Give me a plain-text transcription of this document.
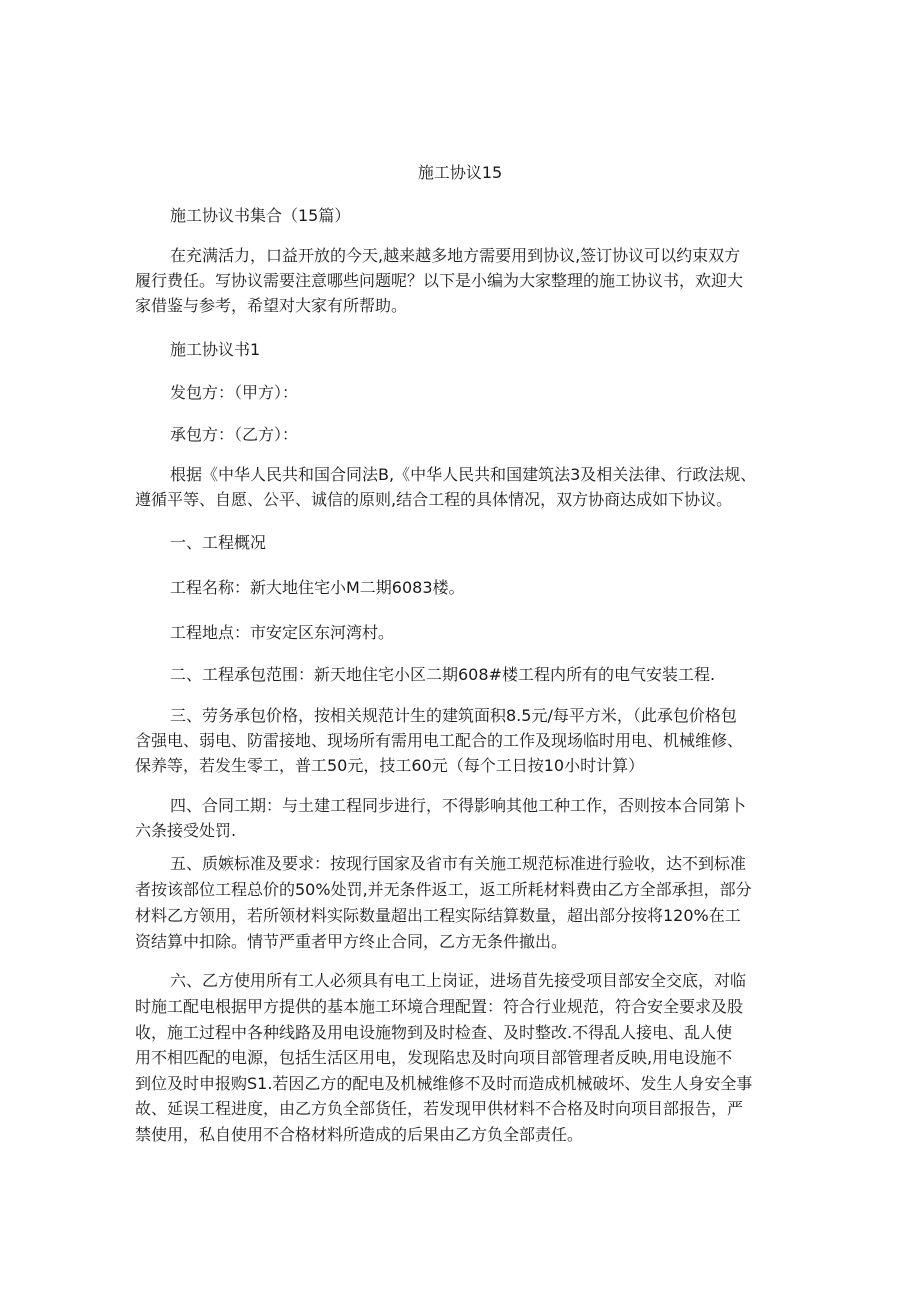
施工协议15
施工协议书集合（15篇）
在充满活力，口益开放的今天,越来越多地方需要用到协议,签订协议可以约束双方
履行费任。写协议需要注意哪些问题呢？以下是小编为大家整理的施工协议书，欢迎大
家借鉴与参考，希望对大家有所帮助。
施工协议书1
发包方：（甲方）：
承包方：（乙方）：
根据《中华人民共和国合同法B,《中华人民共和国建筑法3及相关法律、行政法规、
遵循平等、自愿、公平、诚信的原则,结合工程的具体情况，双方协商达成如下协议。
一、工程概况
工程名称：新大地住宅小M二期6083楼。
工程地点：市安定区东河湾村。
二、工程承包范围：新天地住宅小区二期608#楼工程内所有的电气安装工程.
三、劳务承包价格，按相关规范计生的建筑面积8.5元/每平方米，（此承包价格包
含强电、弱电、防雷接地、现场所有需用电工配合的工作及现场临时用电、机械维修、
保养等，若发生零工，普工50元，技工60元（每个工日按10小时计算）
四、合同工期：与土建工程同步进行，不得影响其他工种工作，否则按本合同第卜
六条接受处罚.
五、质嫉标准及要求：按现行国家及省市有关施工规范标准进行验收，达不到标准
者按该部位工程总价的50%处罚,并无条件返工，返工所耗材料费由乙方全部承担，部分
材料乙方领用，若所领材料实际数量超出工程实际结算数量，超出部分按将120%在工
资结算中扣除。情节严重者甲方终止合同，乙方无条件撤出。
六、乙方使用所有工人必须具有电工上岗证，进场苜先接受项目部安全交底，对临
时施工配电根据甲方提供的基本施工环境合理配置：符合行业规范，符合安全要求及股
收，施工过程中各种线路及用电设施物到及时检查、及时整改.不得乱人接电、乱人使
用不相匹配的电源，包括生活区用电，发现陷忠及时向项目部管理者反映,用电设施不
到位及时申报购S1.若因乙方的配电及机械维修不及时而造成机械破坏、发生人身安全事
故、延误工程进度，由乙方负全部货任，若发现甲供材料不合格及时向项目部报告，严
禁使用，私自使用不合格材料所造成的后果由乙方负全部责任。
